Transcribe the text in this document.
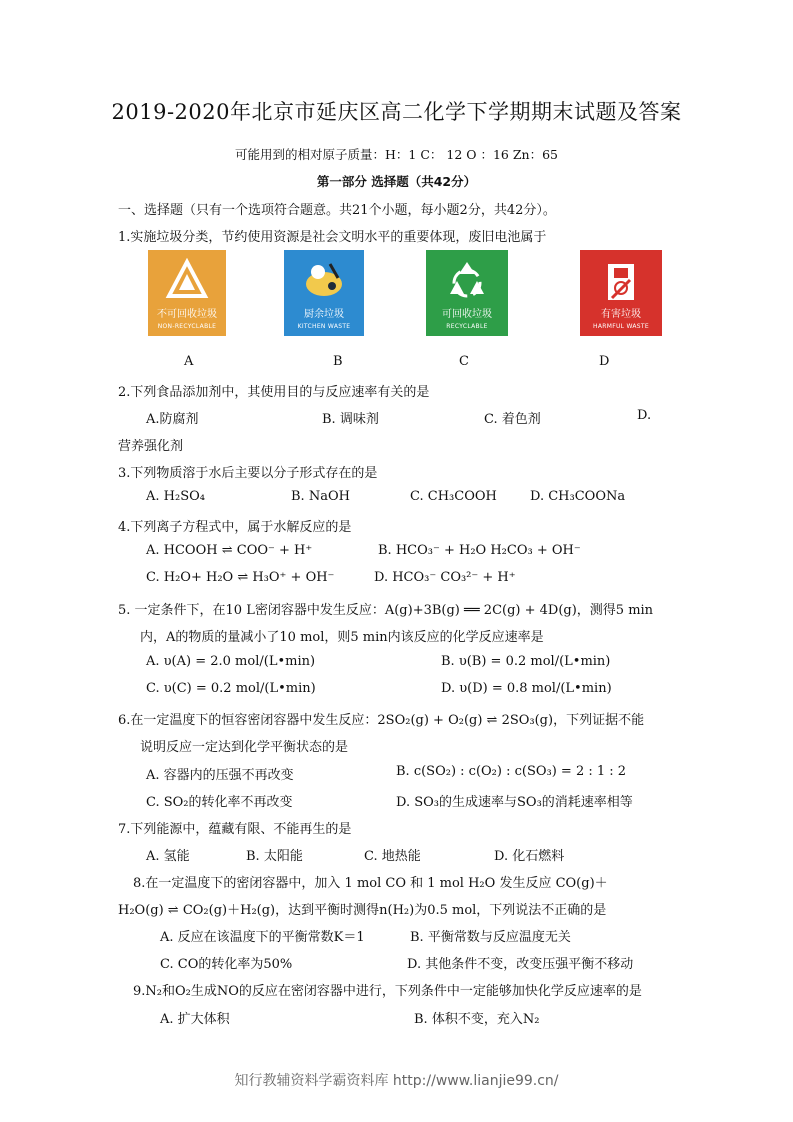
2019-2020年北京市延庆区高二化学下学期期末试题及答案
可能用到的相对原子质量：H：1 C： 12 O ：16 Zn：65
第一部分 选择题（共42分）
一、选择题（只有一个选项符合题意。共21个小题，每小题2分，共42分）。
1.实施垃圾分类，节约使用资源是社会文明水平的重要体现，废旧电池属于
不可回收垃圾
NON-RECYCLABLE
厨余垃圾
KITCHEN WASTE
可回收垃圾
RECYCLABLE
有害垃圾
HARMFUL WASTE
A	B	C	D
2.下列食品添加剂中，其使用目的与反应速率有关的是
A.防腐剂	B. 调味剂	C. 着色剂	D.
营养强化剂
3.下列物质溶于水后主要以分子形式存在的是
A. H₂SO₄	B. NaOH	C. CH₃COOH	D. CH₃COONa
4.下列离子方程式中，属于水解反应的是
A. HCOOH ⇌ COO⁻ + H⁺	B. HCO₃⁻ + H₂O H₂CO₃ + OH⁻
C. H₂O+ H₂O ⇌ H₃O⁺ + OH⁻	D. HCO₃⁻ CO₃²⁻ + H⁺
5. 一定条件下，在10 L密闭容器中发生反应：A(g)+3B(g) ══ 2C(g) + 4D(g)，测得5 min
内，A的物质的量减小了10 mol，则5 min内该反应的化学反应速率是
A. υ(A) = 2.0 mol/(L•min)	B. υ(B) = 0.2 mol/(L•min)
C. υ(C) = 0.2 mol/(L•min)	D. υ(D) = 0.8 mol/(L•min)
6.在一定温度下的恒容密闭容器中发生反应：2SO₂(g) + O₂(g) ⇌ 2SO₃(g)，下列证据不能
说明反应一定达到化学平衡状态的是
A. 容器内的压强不再改变	B. c(SO₂) : c(O₂) : c(SO₃) = 2 : 1 : 2
C. SO₂的转化率不再改变	D. SO₃的生成速率与SO₃的消耗速率相等
7.下列能源中，蕴藏有限、不能再生的是
A. 氢能	B. 太阳能	C. 地热能	D. 化石燃料
8.在一定温度下的密闭容器中，加入 1 mol CO 和 1 mol H₂O 发生反应 CO(g)＋
H₂O(g) ⇌ CO₂(g)＋H₂(g)，达到平衡时测得n(H₂)为0.5 mol，下列说法不正确的是
A. 反应在该温度下的平衡常数K＝1	B. 平衡常数与反应温度无关
C. CO的转化率为50%	D. 其他条件不变，改变压强平衡不移动
9.N₂和O₂生成NO的反应在密闭容器中进行，下列条件中一定能够加快化学反应速率的是
A. 扩大体积	B. 体积不变，充入N₂
知行教辅资料学霸资料库 http://www.lianjie99.cn/
